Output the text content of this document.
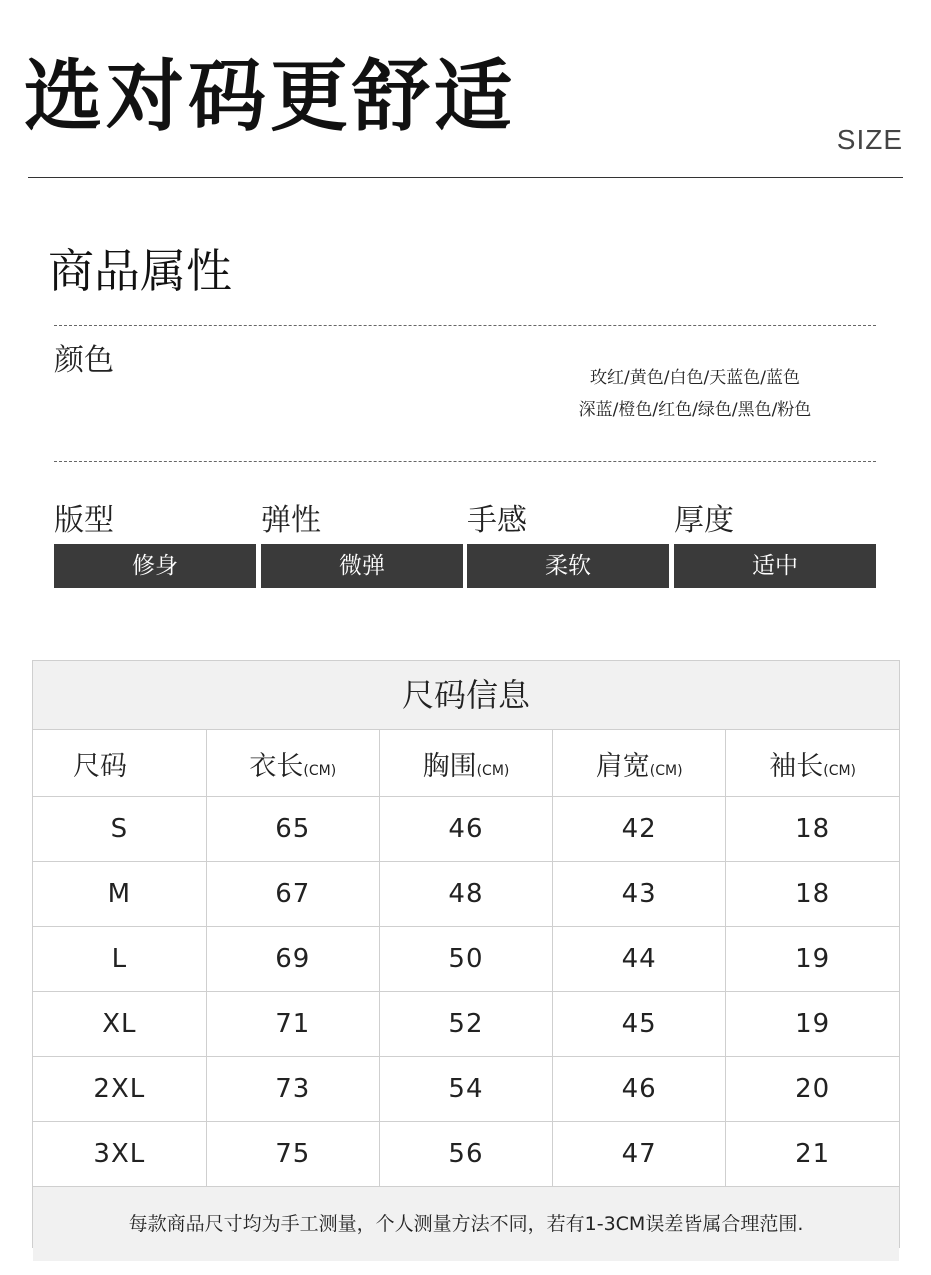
选对码更舒适	SIZE
商品属性
颜色	玫红/黄色/白色/天蓝色/蓝色
深蓝/橙色/红色/绿色/黑色/粉色
版型
修身
弹性
微弹
手感
柔软
厚度
适中
尺码信息
尺码	衣长(CM)	胸围(CM)	肩宽(CM)	袖长(CM)
S	65	46	42	18
M	67	48	43	18
L	69	50	44	19
XL	71	52	45	19
2XL	73	54	46	20
3XL	75	56	47	21
每款商品尺寸均为手工测量，个人测量方法不同，若有1-3CM误差皆属合理范围.
